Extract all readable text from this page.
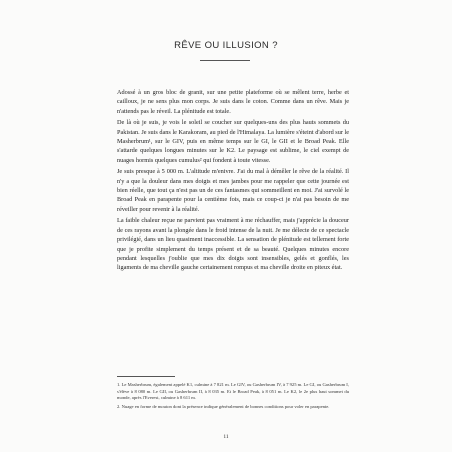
RÊVE OU ILLUSION ?

Adossé à un gros bloc de granit, sur une petite plateforme où se mêlent terre, herbe et cailloux, je ne sens plus mon corps. Je suis dans le coton. Comme dans un rêve. Mais je n'attends pas le réveil. La plénitude est totale.

De là où je suis, je vois le soleil se coucher sur quelques-uns des plus hauts sommets du Pakistan. Je suis dans le Karakoram, au pied de l'Himalaya. La lumière s'éteint d'abord sur le Masherbrum¹, sur le GIV, puis en même temps sur le GI, le GII et le Broad Peak. Elle s'attarde quelques longues minutes sur le K2. Le paysage est sublime, le ciel exempt de nuages hormis quelques cumulus² qui fondent à toute vitesse.

Je suis presque à 5 000 m. L'altitude m'enivre. J'ai du mal à démêler le rêve de la réalité. Il n'y a que la douleur dans mes doigts et mes jambes pour me rappeler que cette journée est bien réelle, que tout ça n'est pas un de ces fantasmes qui sommeillent en moi. J'ai survolé le Broad Peak en parapente pour la centième fois, mais ce coup-ci je n'ai pas besoin de me réveiller pour revenir à la réalité.

La faible chaleur reçue ne parvient pas vraiment à me réchauffer, mais j'apprécie la douceur de ces rayons avant la plongée dans le froid intense de la nuit. Je me délecte de ce spectacle privilégié, dans un lieu quasiment inaccessible. La sensation de plénitude est tellement forte que je profite simplement du temps présent et de sa beauté. Quelques minutes encore pendant lesquelles j'oublie que mes dix doigts sont insensibles, gelés et gonflés, les ligaments de ma cheville gauche certainement rompus et ma cheville droite en piteux état.

1. Le Masherbrum, également appelé K1, culmine à 7 821 m. Le GIV, ou Gasherbrum IV, à 7 925 m. Le GI, ou Gasherbrum I, s'élève à 8 080 m. Le GII, ou Gasherbrum II, à 8 035 m. Et le Broad Peak, à 8 051 m. Le K2, le 2e plus haut sommet du monde, après l'Everest, culmine à 8 611 m.

2. Nuage en forme de mouton dont la présence indique généralement de bonnes conditions pour voler en parapente.

11
